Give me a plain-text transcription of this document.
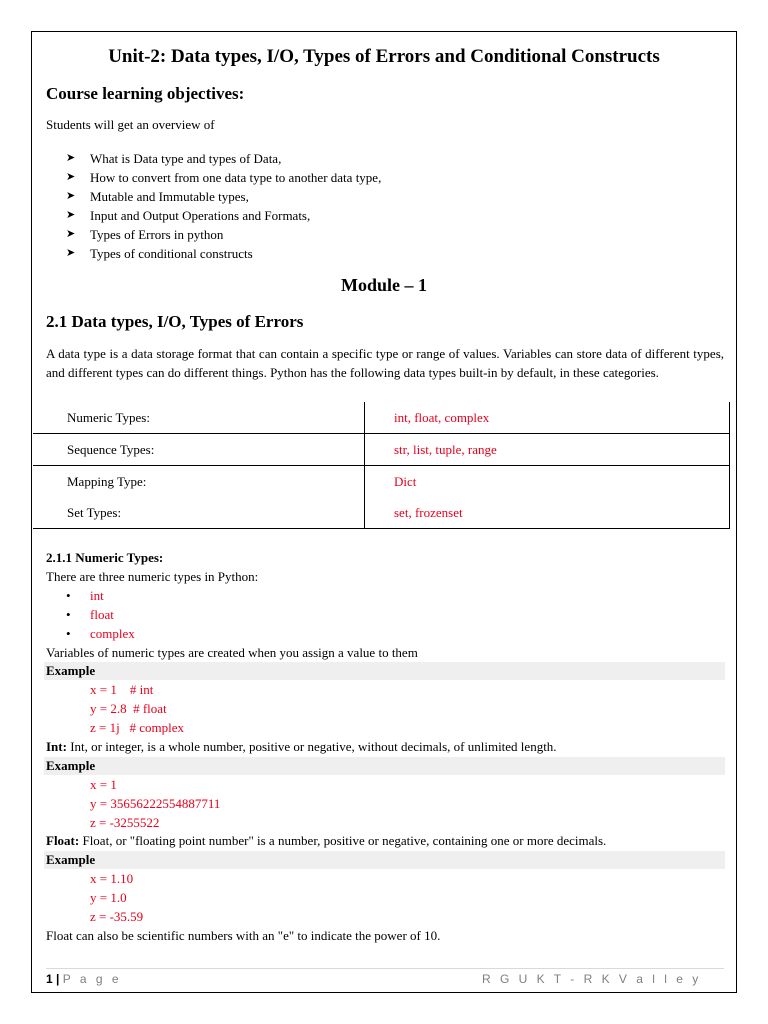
Unit-2: Data types, I/O, Types of Errors and Conditional Constructs
Course learning objectives:
Students will get an overview of
➤	What is Data type and types of Data,
➤	How to convert from one data type to another data type,
➤	Mutable and Immutable types,
➤	Input and Output Operations and Formats,
➤	Types of Errors in python
➤	Types of conditional constructs
Module – 1
2.1 Data types, I/O, Types of Errors
A data type is a data storage format that can contain a specific type or range of values. Variables can store data of different types, and different types can do different things. Python has the following data types built-in by default, in these categories.
Numeric Types:	int, float, complex
Sequence Types:	str, list, tuple, range
Mapping Type:	Dict
Set Types:	set, frozenset
2.1.1 Numeric Types:
There are three numeric types in Python:
•	int
•	float
•	complex
Variables of numeric types are created when you assign a value to them
Example
x = 1    # int
y = 2.8  # float
z = 1j   # complex
Int: Int, or integer, is a whole number, positive or negative, without decimals, of unlimited length.
Example
x = 1
y = 35656222554887711
z = -3255522
Float: Float, or "floating point number" is a number, positive or negative, containing one or more decimals.
Example
x = 1.10
y = 1.0
z = -35.59
Float can also be scientific numbers with an "e" to indicate the power of 10.
1 | P a g e	R G U K T - R K V a l l e y
